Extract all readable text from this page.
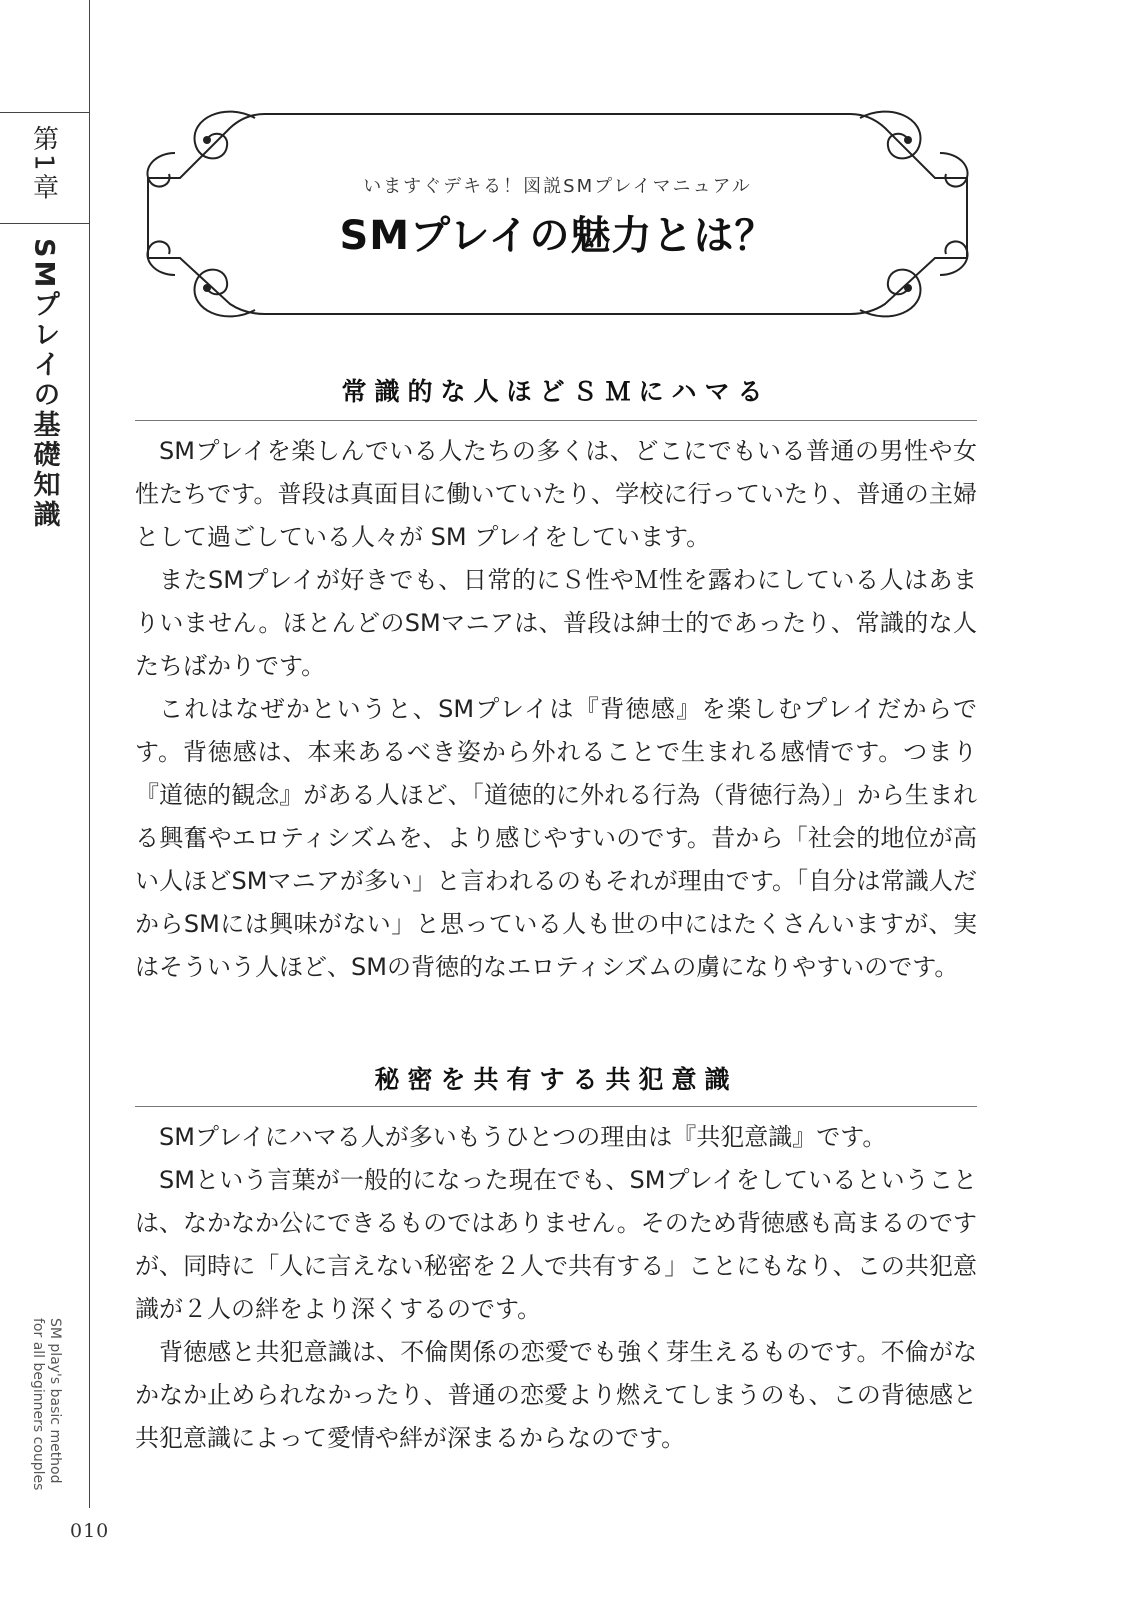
第1章
SMプレイの基礎知識
SM play's basic method
for all beginners couples
010
いますぐデキる！図説SMプレイマニュアル
SMプレイの魅力とは？
常識的な人ほどＳＭにハマる

SMプレイを楽しんでいる人たちの多くは、どこにでもいる普通の男性や女性たちです。普段は真面目に働いていたり、学校に行っていたり、普通の主婦として過ごしている人々が SM プレイをしています。

またSMプレイが好きでも、日常的にＳ性やＭ性を露わにしている人はあまりいません。ほとんどのSMマニアは、普段は紳士的であったり、常識的な人たちばかりです。

これはなぜかというと、SMプレイは『背徳感』を楽しむプレイだからです。背徳感は、本来あるべき姿から外れることで生まれる感情です。つまり『道徳的観念』がある人ほど、「道徳的に外れる行為（背徳行為）」から生まれる興奮やエロティシズムを、より感じやすいのです。昔から「社会的地位が高い人ほどSMマニアが多い」と言われるのもそれが理由です。「自分は常識人だからSMには興味がない」と思っている人も世の中にはたくさんいますが、実はそういう人ほど、SMの背徳的なエロティシズムの虜になりやすいのです。

秘密を共有する共犯意識

SMプレイにハマる人が多いもうひとつの理由は『共犯意識』です。

SMという言葉が一般的になった現在でも、SMプレイをしているということは、なかなか公にできるものではありません。そのため背徳感も高まるのですが、同時に「人に言えない秘密を２人で共有する」ことにもなり、この共犯意識が２人の絆をより深くするのです。

背徳感と共犯意識は、不倫関係の恋愛でも強く芽生えるものです。不倫がなかなか止められなかったり、普通の恋愛より燃えてしまうのも、この背徳感と共犯意識によって愛情や絆が深まるからなのです。
